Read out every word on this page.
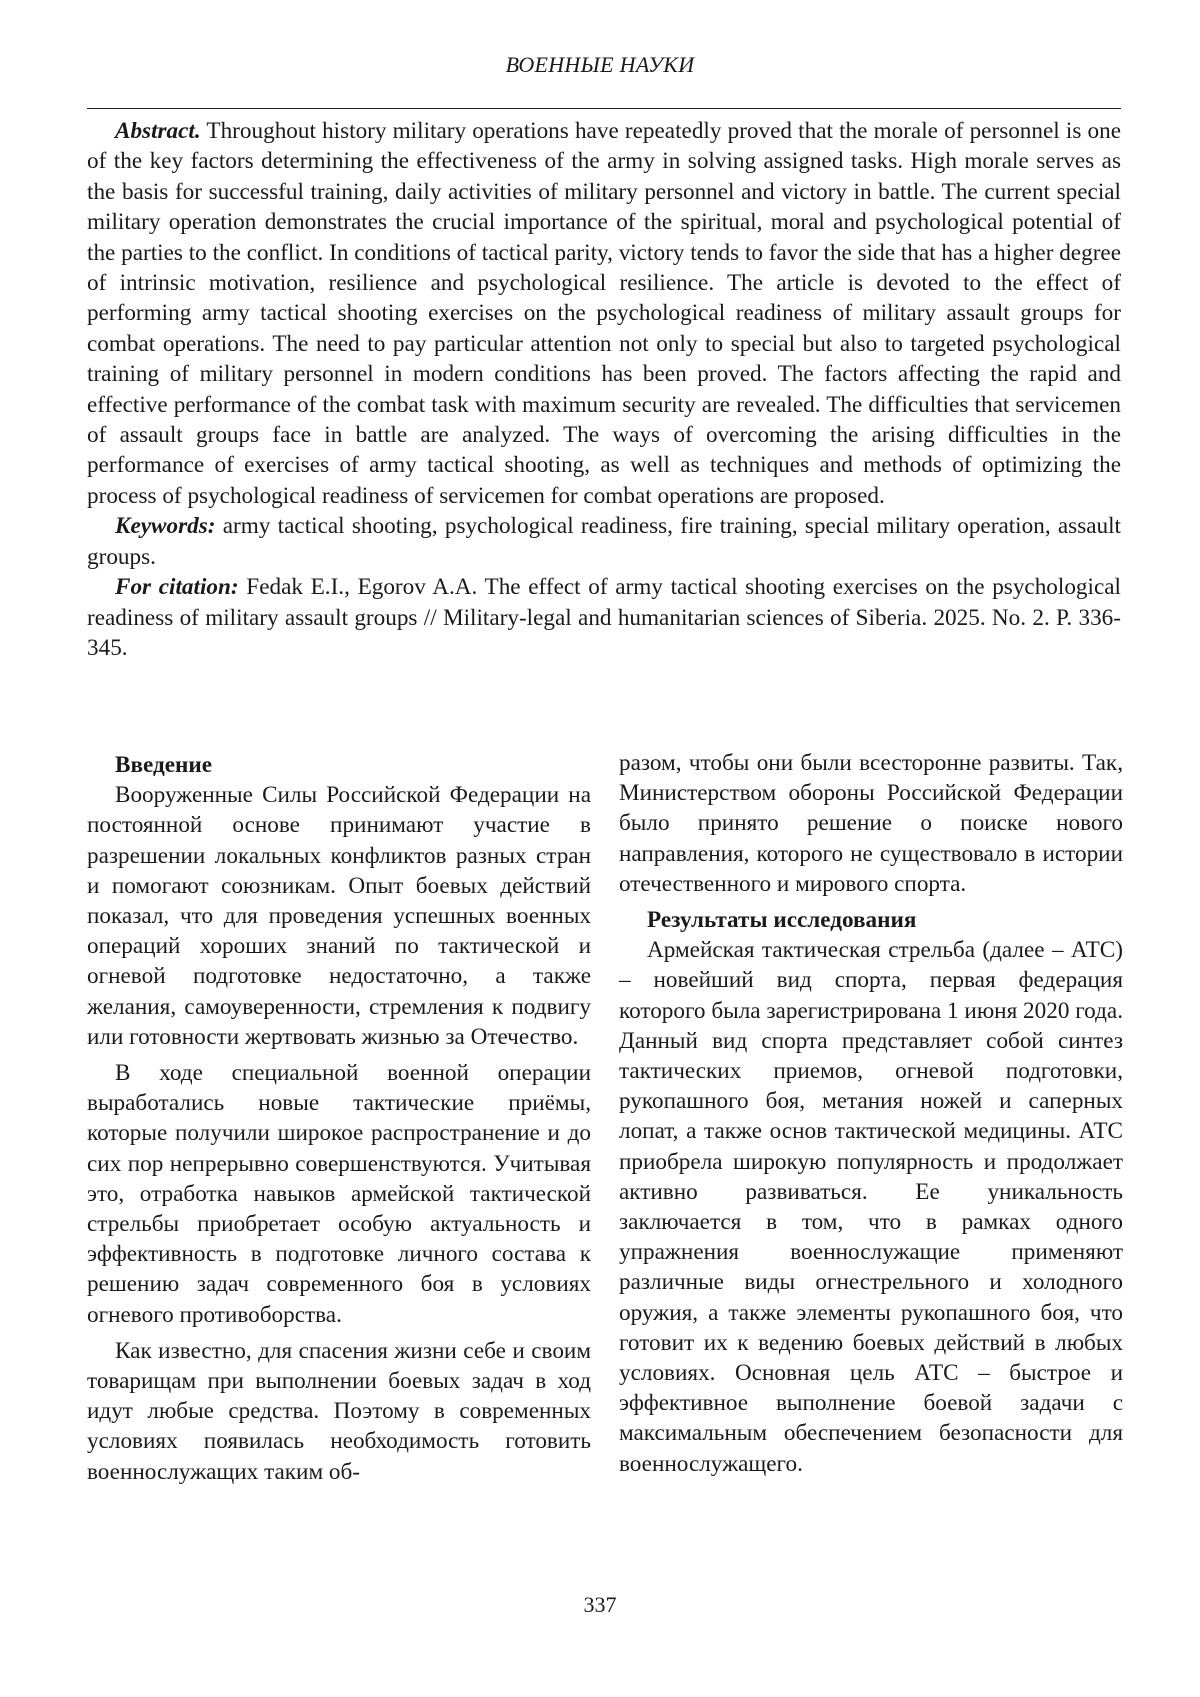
ВОЕННЫЕ НАУКИ

Abstract. Throughout history military operations have repeatedly proved that the morale of personnel is one of the key factors determining the effectiveness of the army in solving assigned tasks. High morale serves as the basis for successful training, daily activities of military personnel and victory in battle. The current special military operation demonstrates the crucial importance of the spiritual, moral and psychological potential of the parties to the conflict. In conditions of tactical parity, victory tends to favor the side that has a higher degree of intrinsic motivation, resilience and psychological resilience. The article is devoted to the effect of performing army tactical shooting exercises on the psychological readiness of military assault groups for combat operations. The need to pay particular attention not only to special but also to targeted psychological training of military personnel in modern conditions has been proved. The factors affecting the rapid and effective performance of the combat task with maximum security are revealed. The difficulties that servicemen of assault groups face in battle are analyzed. The ways of overcoming the arising difficulties in the performance of exercises of army tactical shooting, as well as techniques and methods of optimizing the process of psychological readiness of servicemen for combat operations are proposed.

Keywords: army tactical shooting, psychological readiness, fire training, special military operation, assault groups.

For citation: Fedak E.I., Egorov A.A. The effect of army tactical shooting exercises on the psychological readiness of military assault groups // Military-legal and humanitarian sciences of Siberia. 2025. No. 2. P. 336-345.

Введение

Вооруженные Силы Российской Федерации на постоянной основе принимают участие в разрешении локальных конфликтов разных стран и помогают союзникам. Опыт боевых действий показал, что для проведения успешных военных операций хороших знаний по тактической и огневой подготовке недостаточно, а также желания, самоуверенности, стремления к подвигу или готовности жертвовать жизнью за Отечество.

В ходе специальной военной операции выработались новые тактические приёмы, которые получили широкое распространение и до сих пор непрерывно совершенствуются. Учитывая это, отработка навыков армейской тактической стрельбы приобретает особую актуальность и эффективность в подготовке личного состава к решению задач современного боя в условиях огневого противоборства.

Как известно, для спасения жизни себе и своим товарищам при выполнении боевых задач в ход идут любые средства. Поэтому в современных условиях появилась необходимость готовить военнослужащих таким об-

разом, чтобы они были всесторонне развиты. Так, Министерством обороны Российской Федерации было принято решение о поиске нового направления, которого не существовало в истории отечественного и мирового спорта.

Результаты исследования

Армейская тактическая стрельба (далее – АТС) – новейший вид спорта, первая федерация которого была зарегистрирована 1 июня 2020 года. Данный вид спорта представляет собой синтез тактических приемов, огневой подготовки, рукопашного боя, метания ножей и саперных лопат, а также основ тактической медицины. АТС приобрела широкую популярность и продолжает активно развиваться. Ее уникальность заключается в том, что в рамках одного упражнения военнослужащие применяют различные виды огнестрельного и холодного оружия, а также элементы рукопашного боя, что готовит их к ведению боевых действий в любых условиях. Основная цель АТС – быстрое и эффективное выполнение боевой задачи с максимальным обеспечением безопасности для военнослужащего.

337
